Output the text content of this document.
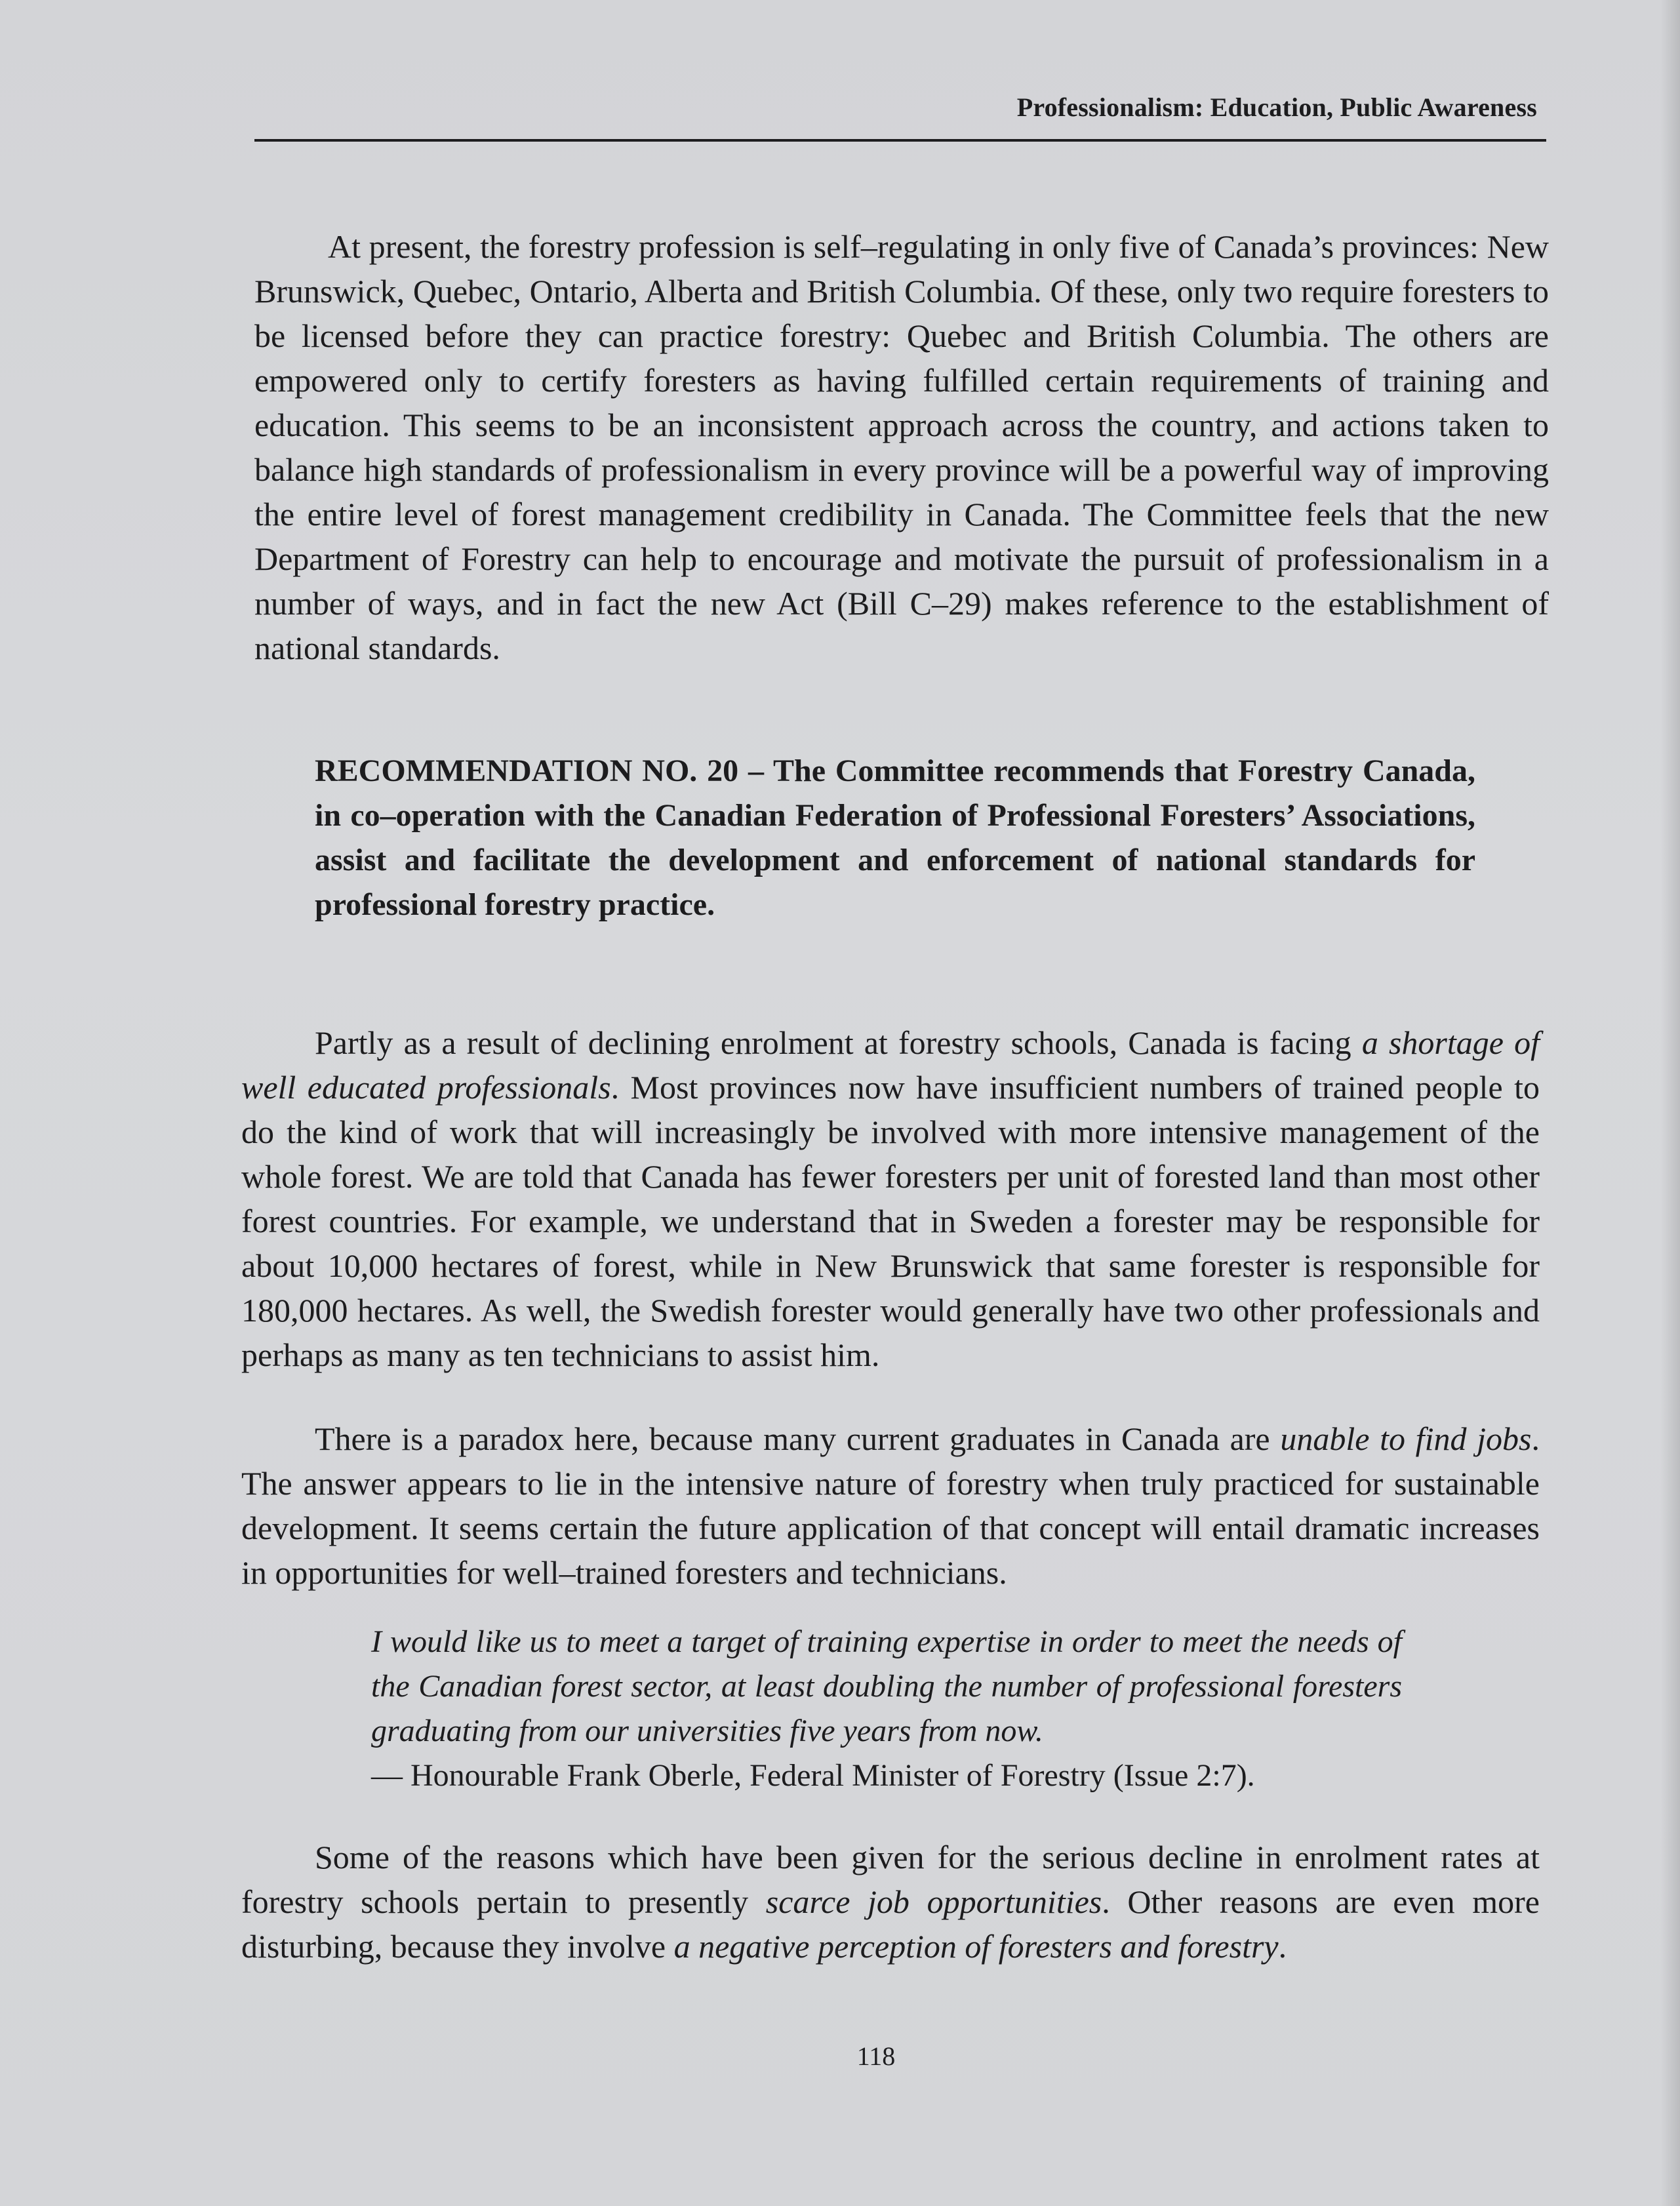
Professionalism: Education, Public Awareness

At present, the forestry profession is self–regulating in only five of Canada’s provinces: New Brunswick, Quebec, Ontario, Alberta and British Columbia. Of these, only two require foresters to be licensed before they can practice forestry: Quebec and British Columbia. The others are empowered only to certify foresters as having fulfilled certain requirements of training and education. This seems to be an inconsistent approach across the country, and actions taken to balance high standards of professionalism in every province will be a powerful way of improving the entire level of forest management credibility in Canada. The Committee feels that the new Department of Forestry can help to encourage and motivate the pursuit of professionalism in a number of ways, and in fact the new Act (Bill C–29) makes reference to the establishment of national standards.

RECOMMENDATION NO. 20 – The Committee recommends that Forestry Canada, in co–operation with the Canadian Federation of Professional Foresters’ Associations, assist and facilitate the development and enforcement of national standards for professional forestry practice.

Partly as a result of declining enrolment at forestry schools, Canada is facing a shortage of well educated professionals. Most provinces now have insufficient numbers of trained people to do the kind of work that will increasingly be involved with more intensive management of the whole forest. We are told that Canada has fewer foresters per unit of forested land than most other forest countries. For example, we understand that in Sweden a forester may be responsible for about 10,000 hectares of forest, while in New Brunswick that same forester is responsible for 180,000 hectares. As well, the Swedish forester would generally have two other professionals and perhaps as many as ten technicians to assist him.

There is a paradox here, because many current graduates in Canada are unable to find jobs. The answer appears to lie in the intensive nature of forestry when truly practiced for sustainable development. It seems certain the future application of that concept will entail dramatic increases in opportunities for well–trained foresters and technicians.

I would like us to meet a target of training expertise in order to meet the needs of the Canadian forest sector, at least doubling the number of professional foresters graduating from our universities five years from now.

— Honourable Frank Oberle, Federal Minister of Forestry (Issue 2:7).

Some of the reasons which have been given for the serious decline in enrolment rates at forestry schools pertain to presently scarce job opportunities. Other reasons are even more disturbing, because they involve a negative perception of foresters and forestry.

118
